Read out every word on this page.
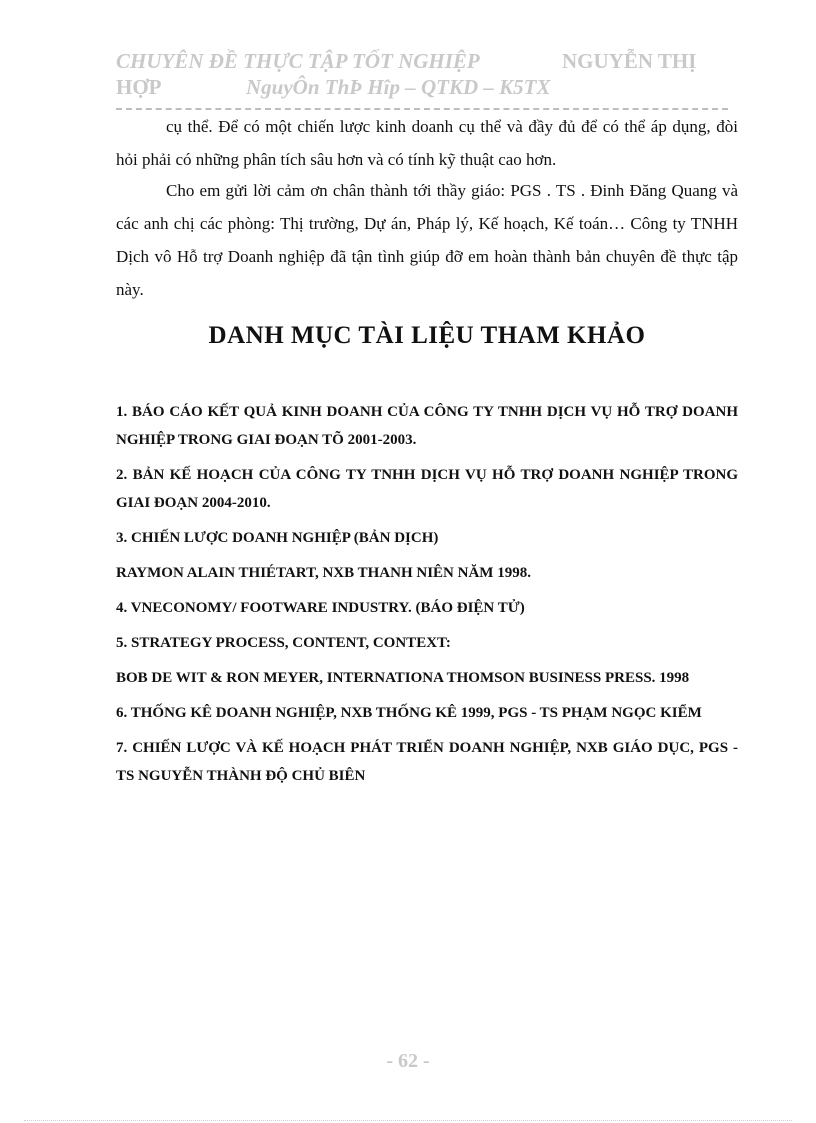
CHUYÊN ĐỀ THỰC TẬP TỐT NGHIỆP	NGUYỄN THỊ
HỢP	NguyÔn ThÞ Hîp – QTKD – K5TX

cụ thể. Để có một chiến lược kinh doanh cụ thể và đầy đủ để có thể áp dụng, đòi hỏi phải có những phân tích sâu hơn và có tính kỹ thuật cao hơn.

Cho em gửi lời cảm ơn chân thành tới thầy giáo: PGS . TS . Đinh Đăng Quang và các anh chị các phòng: Thị trường, Dự án, Pháp lý, Kế hoạch, Kế toán… Công ty TNHH Dịch vô Hỗ trợ Doanh nghiệp đã tận tình giúp đỡ em hoàn thành bản chuyên đề thực tập này.

DANH MỤC TÀI LIỆU THAM KHẢO
1. BÁO CÁO KẾT QUẢ KINH DOANH CỦA CÔNG TY TNHH DỊCH VỤ HỖ TRỢ DOANH NGHIỆP TRONG GIAI ĐOẠN TÕ 2001-2003.
2. BẢN KẾ HOẠCH CỦA CÔNG TY TNHH DỊCH VỤ HỖ TRỢ DOANH NGHIỆP TRONG GIAI ĐOẠN 2004-2010.
3. CHIẾN LƯỢC DOANH NGHIỆP (BẢN DỊCH)
RAYMON ALAIN THIÉTART, NXB THANH NIÊN NĂM 1998.
4. VNECONOMY/ FOOTWARE INDUSTRY. (BÁO ĐIỆN TỬ)
5. STRATEGY PROCESS, CONTENT, CONTEXT:
BOB DE WIT & RON MEYER, INTERNATIONA THOMSON BUSINESS PRESS. 1998
6. THỐNG KÊ DOANH NGHIỆP, NXB THỐNG KÊ 1999, PGS - TS PHẠM NGỌC KIỂM
7. CHIẾN LƯỢC VÀ KẾ HOẠCH PHÁT TRIỂN DOANH NGHIỆP, NXB GIÁO DỤC, PGS - TS NGUYỄN THÀNH ĐỘ CHỦ BIÊN
- 62 -
